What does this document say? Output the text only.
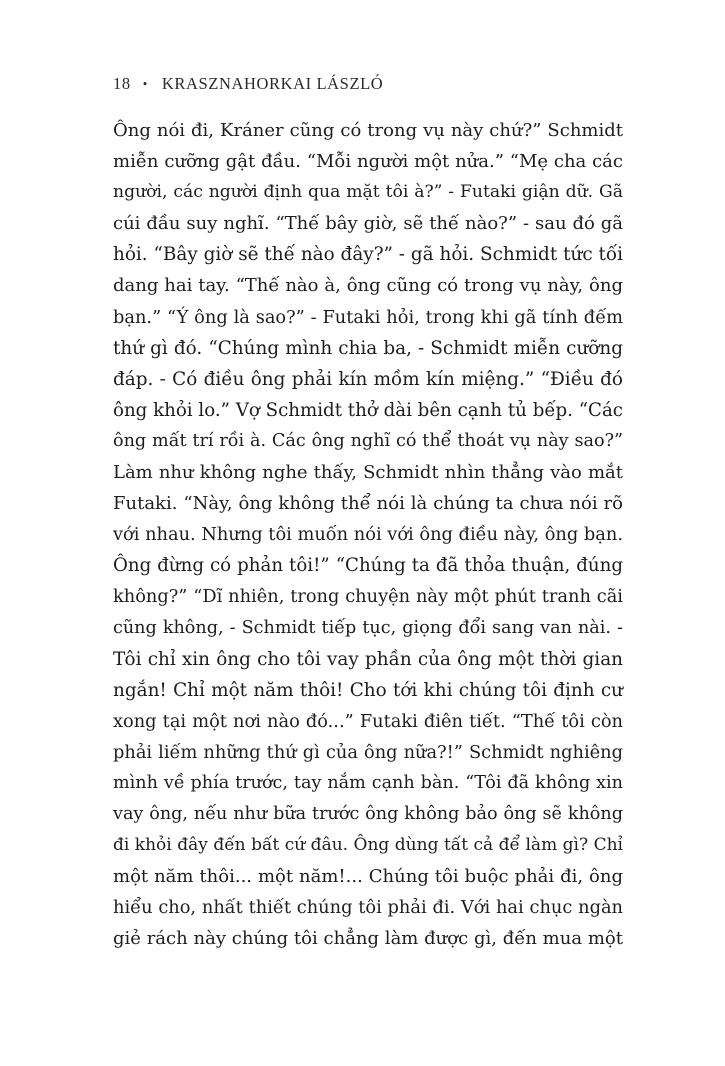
18 • KRASZNAHORKAI LÁSZLÓ
Ông nói đi, Kráner cũng có trong vụ này chứ?” Schmidt
miễn cưỡng gật đầu. “Mỗi người một nửa.” “Mẹ cha các
người, các người định qua mặt tôi à?” - Futaki giận dữ. Gã
cúi đầu suy nghĩ. “Thế bây giờ, sẽ thế nào?” - sau đó gã
hỏi. “Bây giờ sẽ thế nào đây?” - gã hỏi. Schmidt tức tối
dang hai tay. “Thế nào à, ông cũng có trong vụ này, ông
bạn.” “Ý ông là sao?” - Futaki hỏi, trong khi gã tính đếm
thứ gì đó. “Chúng mình chia ba, - Schmidt miễn cưỡng
đáp. - Có điều ông phải kín mồm kín miệng.” “Điều đó
ông khỏi lo.” Vợ Schmidt thở dài bên cạnh tủ bếp. “Các
ông mất trí rồi à. Các ông nghĩ có thể thoát vụ này sao?”
Làm như không nghe thấy, Schmidt nhìn thẳng vào mắt
Futaki. “Này, ông không thể nói là chúng ta chưa nói rõ
với nhau. Nhưng tôi muốn nói với ông điều này, ông bạn.
Ông đừng có phản tôi!” “Chúng ta đã thỏa thuận, đúng
không?” “Dĩ nhiên, trong chuyện này một phút tranh cãi
cũng không, - Schmidt tiếp tục, giọng đổi sang van nài. -
Tôi chỉ xin ông cho tôi vay phần của ông một thời gian
ngắn! Chỉ một năm thôi! Cho tới khi chúng tôi định cư
xong tại một nơi nào đó...” Futaki điên tiết. “Thế tôi còn
phải liếm những thứ gì của ông nữa?!” Schmidt nghiêng
mình về phía trước, tay nắm cạnh bàn. “Tôi đã không xin
vay ông, nếu như bữa trước ông không bảo ông sẽ không
đi khỏi đây đến bất cứ đâu. Ông dùng tất cả để làm gì? Chỉ
một năm thôi... một năm!... Chúng tôi buộc phải đi, ông
hiểu cho, nhất thiết chúng tôi phải đi. Với hai chục ngàn
giẻ rách này chúng tôi chẳng làm được gì, đến mua một
